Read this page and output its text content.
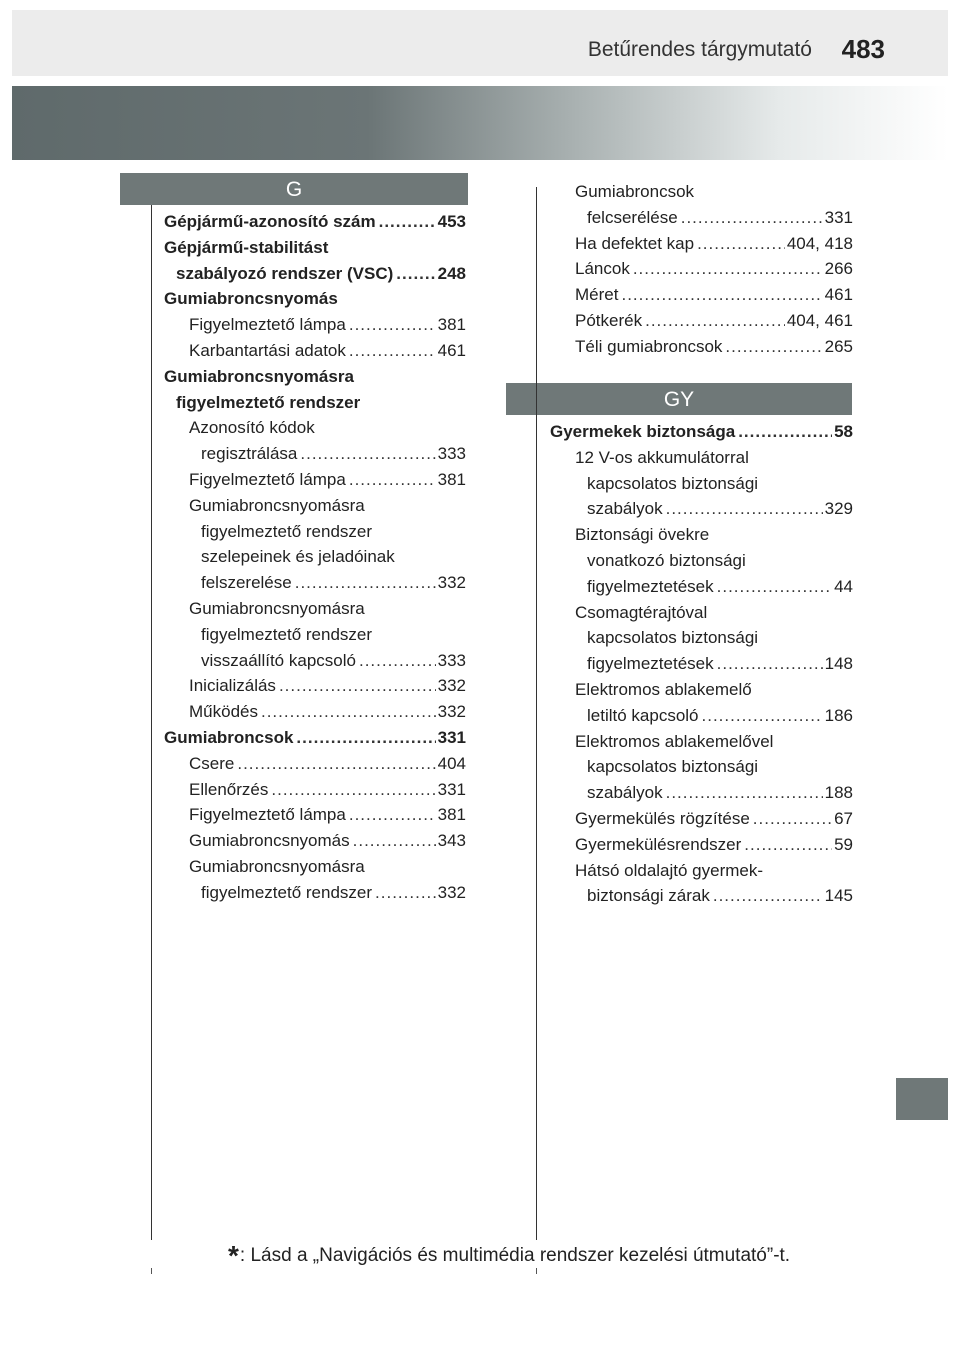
Betűrendes tárgymutató 483
G
GY
Gépjármű-azonosító szám .....	453
Gépjármű-stabilitást
szabályozó rendszer (VSC) .....	248
Gumiabroncsnyomás
Figyelmeztető lámpa .....	381
Karbantartási adatok .....	461
Gumiabroncsnyomásra
figyelmeztető rendszer
Azonosító kódok
regisztrálása .....	333
Figyelmeztető lámpa .....	381
Gumiabroncsnyomásra
figyelmeztető rendszer
szelepeinek és jeladóinak
felszerelése .....	332
Gumiabroncsnyomásra
figyelmeztető rendszer
visszaállító kapcsoló .....	333
Inicializálás .....	332
Működés .....	332
Gumiabroncsok .....	331
Csere .....	404
Ellenőrzés .....	331
Figyelmeztető lámpa .....	381
Gumiabroncsnyomás .....	343
Gumiabroncsnyomásra
figyelmeztető rendszer .....	332
Gumiabroncsok
felcserélése .....	331
Ha defektet kap .....	404, 418
Láncok .....	266
Méret .....	461
Pótkerék .....	404, 461
Téli gumiabroncsok .....	265
Gyermekek biztonsága .....	58
12 V-os akkumulátorral
kapcsolatos biztonsági
szabályok .....	329
Biztonsági övekre
vonatkozó biztonsági
figyelmeztetések .....	44
Csomagtérajtóval
kapcsolatos biztonsági
figyelmeztetések .....	148
Elektromos ablakemelő
letiltó kapcsoló .....	186
Elektromos ablakemelővel
kapcsolatos biztonsági
szabályok .....	188
Gyermekülés rögzítése .....	67
Gyermekülésrendszer .....	59
Hátsó oldalajtó gyermek-
biztonsági zárak .....	145
*: Lásd a „Navigációs és multimédia rendszer kezelési útmutató”-t.
